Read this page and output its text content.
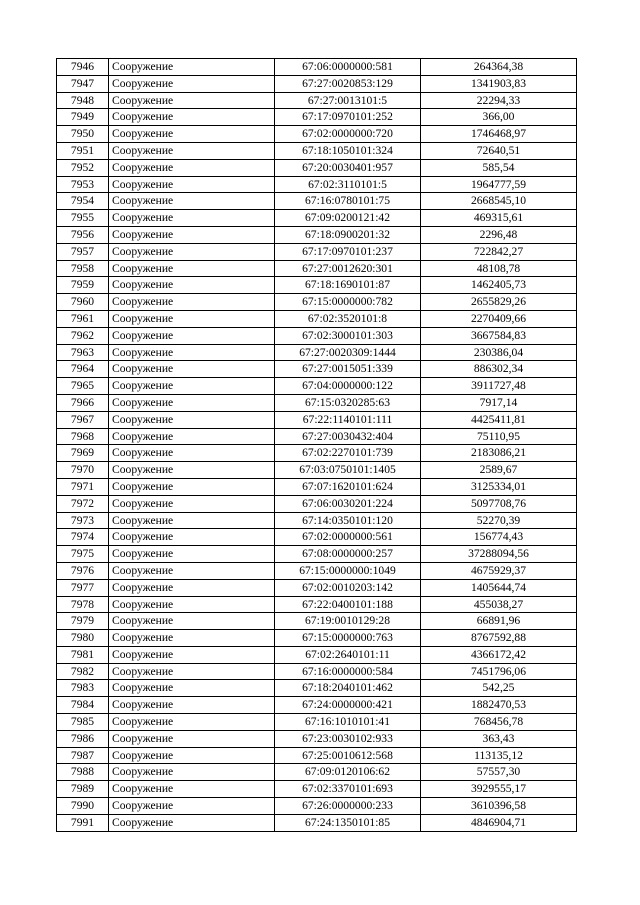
7946	Сооружение	67:06:0000000:581	264364,38
7947	Сооружение	67:27:0020853:129	1341903,83
7948	Сооружение	67:27:0013101:5	22294,33
7949	Сооружение	67:17:0970101:252	366,00
7950	Сооружение	67:02:0000000:720	1746468,97
7951	Сооружение	67:18:1050101:324	72640,51
7952	Сооружение	67:20:0030401:957	585,54
7953	Сооружение	67:02:3110101:5	1964777,59
7954	Сооружение	67:16:0780101:75	2668545,10
7955	Сооружение	67:09:0200121:42	469315,61
7956	Сооружение	67:18:0900201:32	2296,48
7957	Сооружение	67:17:0970101:237	722842,27
7958	Сооружение	67:27:0012620:301	48108,78
7959	Сооружение	67:18:1690101:87	1462405,73
7960	Сооружение	67:15:0000000:782	2655829,26
7961	Сооружение	67:02:3520101:8	2270409,66
7962	Сооружение	67:02:3000101:303	3667584,83
7963	Сооружение	67:27:0020309:1444	230386,04
7964	Сооружение	67:27:0015051:339	886302,34
7965	Сооружение	67:04:0000000:122	3911727,48
7966	Сооружение	67:15:0320285:63	7917,14
7967	Сооружение	67:22:1140101:111	4425411,81
7968	Сооружение	67:27:0030432:404	75110,95
7969	Сооружение	67:02:2270101:739	2183086,21
7970	Сооружение	67:03:0750101:1405	2589,67
7971	Сооружение	67:07:1620101:624	3125334,01
7972	Сооружение	67:06:0030201:224	5097708,76
7973	Сооружение	67:14:0350101:120	52270,39
7974	Сооружение	67:02:0000000:561	156774,43
7975	Сооружение	67:08:0000000:257	37288094,56
7976	Сооружение	67:15:0000000:1049	4675929,37
7977	Сооружение	67:02:0010203:142	1405644,74
7978	Сооружение	67:22:0400101:188	455038,27
7979	Сооружение	67:19:0010129:28	66891,96
7980	Сооружение	67:15:0000000:763	8767592,88
7981	Сооружение	67:02:2640101:11	4366172,42
7982	Сооружение	67:16:0000000:584	7451796,06
7983	Сооружение	67:18:2040101:462	542,25
7984	Сооружение	67:24:0000000:421	1882470,53
7985	Сооружение	67:16:1010101:41	768456,78
7986	Сооружение	67:23:0030102:933	363,43
7987	Сооружение	67:25:0010612:568	113135,12
7988	Сооружение	67:09:0120106:62	57557,30
7989	Сооружение	67:02:3370101:693	3929555,17
7990	Сооружение	67:26:0000000:233	3610396,58
7991	Сооружение	67:24:1350101:85	4846904,71
